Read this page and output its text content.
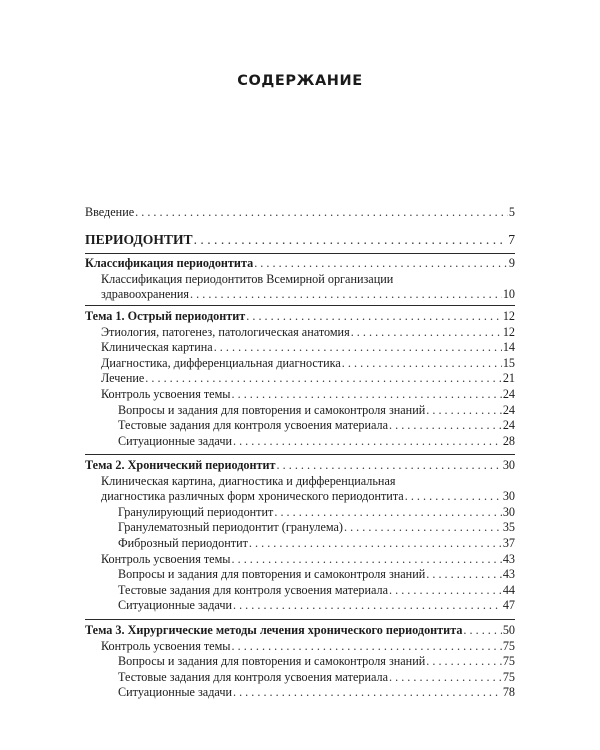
СОДЕРЖАНИЕ
Введение . . .	5
ПЕРИОДОНТИТ . . .	7
Классификация периодонтита . . .	9
Классификация периодонтитов Всемирной организации
здравоохранения . . .	10
Тема 1. Острый периодонтит . . .	12
Этиология, патогенез, патологическая анатомия . . .	12
Клиническая картина . . .	14
Диагностика, дифференциальная диагностика . . .	15
Лечение . . .	21
Контроль усвоения темы . . .	24
Вопросы и задания для повторения и самоконтроля знаний . . .	24
Тестовые задания для контроля усвоения материала . . .	24
Ситуационные задачи . . .	28
Тема 2. Хронический периодонтит . . .	30
Клиническая картина, диагностика и дифференциальная
диагностика различных форм хронического периодонтита . . .	30
Гранулирующий периодонтит . . .	30
Гранулематозный периодонтит (гранулема) . . .	35
Фиброзный периодонтит . . .	37
Контроль усвоения темы . . .	43
Вопросы и задания для повторения и самоконтроля знаний . . .	43
Тестовые задания для контроля усвоения материала . . .	44
Ситуационные задачи . . .	47
Тема 3. Хирургические методы лечения хронического периодонтита . . .	50
Контроль усвоения темы . . .	75
Вопросы и задания для повторения и самоконтроля знаний . . .	75
Тестовые задания для контроля усвоения материала . . .	75
Ситуационные задачи . . .	78
